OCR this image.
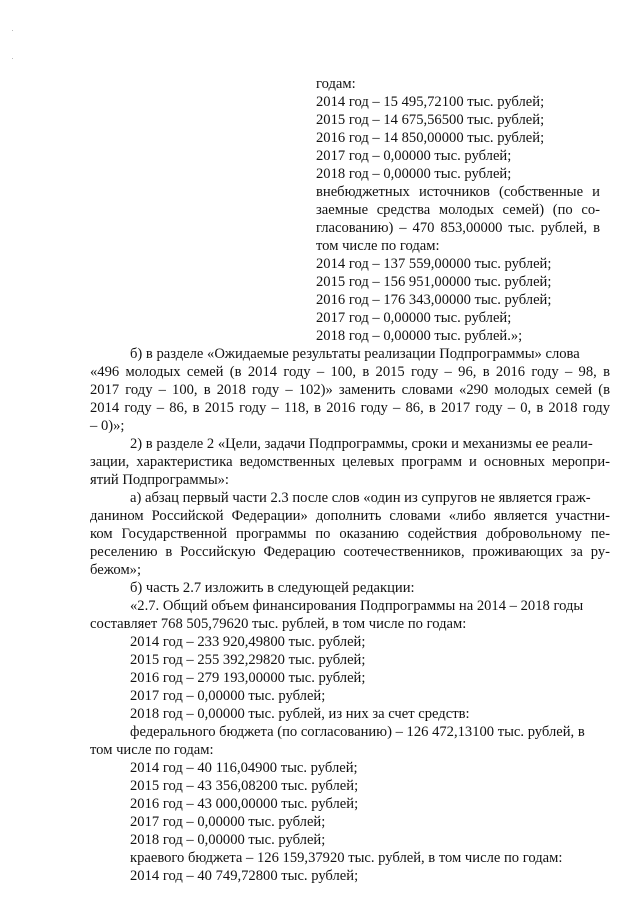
годам:
2014 год – 15 495,72100 тыс. рублей;
2015 год – 14 675,56500 тыс. рублей;
2016 год – 14 850,00000 тыс. рублей;
2017 год – 0,00000 тыс. рублей;
2018 год – 0,00000 тыс. рублей;
внебюджетных источников (собственные и
заемные средства молодых семей) (по со-
гласованию) – 470 853,00000 тыс. рублей, в
том числе по годам:
2014 год – 137 559,00000 тыс. рублей;
2015 год – 156 951,00000 тыс. рублей;
2016 год – 176 343,00000 тыс. рублей;
2017 год – 0,00000 тыс. рублей;
2018 год – 0,00000 тыс. рублей.»;
б) в разделе «Ожидаемые результаты реализации Подпрограммы» слова
«496 молодых семей (в 2014 году – 100, в 2015 году – 96, в 2016 году – 98, в
2017 году – 100, в 2018 году – 102)» заменить словами «290 молодых семей (в
2014 году – 86, в 2015 году – 118, в 2016 году – 86, в 2017 году – 0, в 2018 году
– 0)»;
2) в разделе 2 «Цели, задачи Подпрограммы, сроки и механизмы ее реали-
зации, характеристика ведомственных целевых программ и основных меропри-
ятий Подпрограммы»:
а) абзац первый части 2.3 после слов «один из супругов не является граж-
данином Российской Федерации» дополнить словами «либо является участни-
ком Государственной программы по оказанию содействия добровольному пе-
реселению в Российскую Федерацию соотечественников, проживающих за ру-
бежом»;
б) часть 2.7 изложить в следующей редакции:
«2.7. Общий объем финансирования Подпрограммы на 2014 – 2018 годы
составляет 768 505,79620 тыс. рублей, в том числе по годам:
2014 год – 233 920,49800 тыс. рублей;
2015 год – 255 392,29820 тыс. рублей;
2016 год – 279 193,00000 тыс. рублей;
2017 год – 0,00000 тыс. рублей;
2018 год – 0,00000 тыс. рублей, из них за счет средств:
федерального бюджета (по согласованию) – 126 472,13100 тыс. рублей, в
том числе по годам:
2014 год – 40 116,04900 тыс. рублей;
2015 год – 43 356,08200 тыс. рублей;
2016 год – 43 000,00000 тыс. рублей;
2017 год – 0,00000 тыс. рублей;
2018 год – 0,00000 тыс. рублей;
краевого бюджета – 126 159,37920 тыс. рублей, в том числе по годам:
2014 год – 40 749,72800 тыс. рублей;
